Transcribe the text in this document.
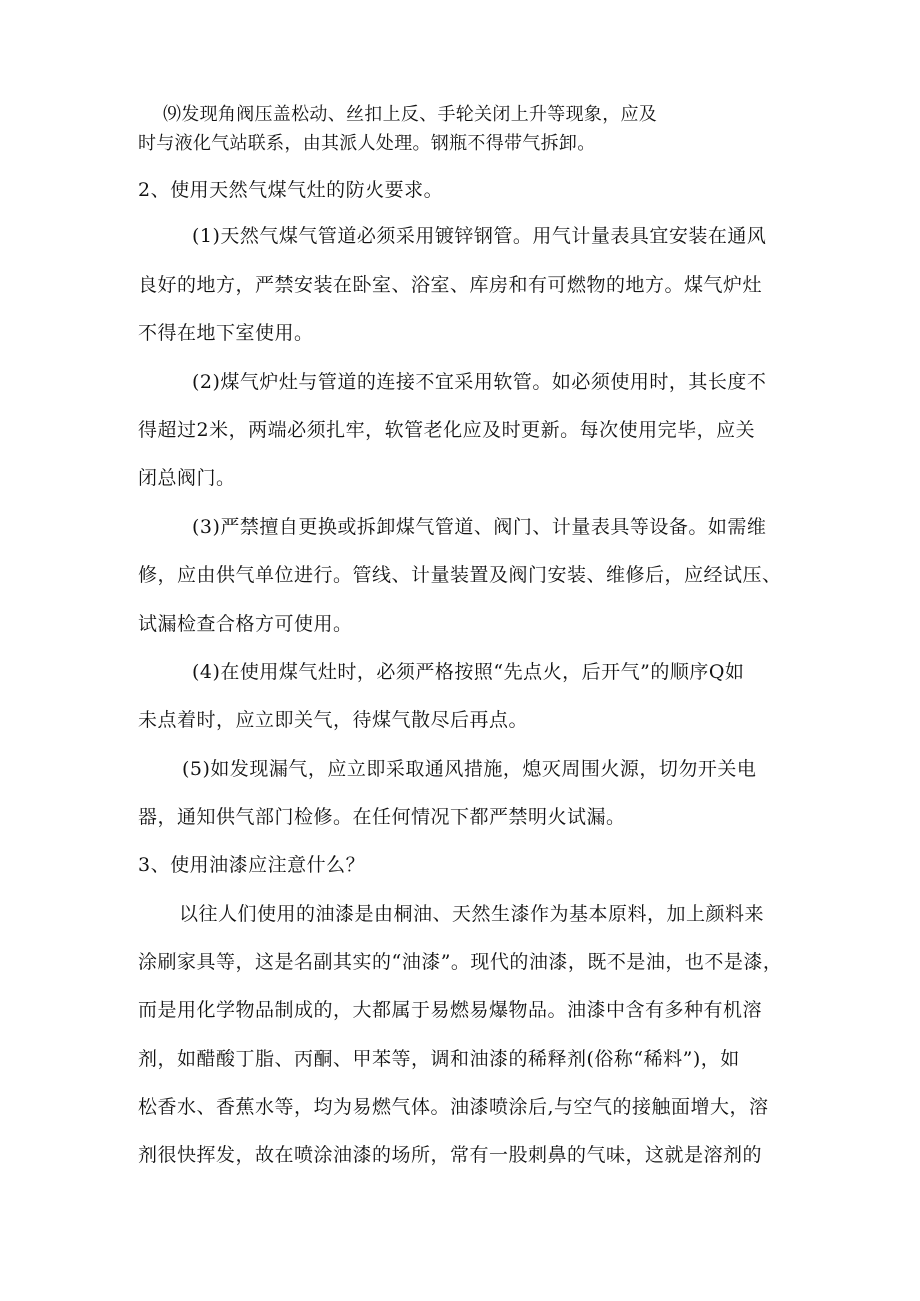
⑼发现角阀压盖松动、丝扣上反、手轮关闭上升等现象，应及
时与液化气站联系，由其派人处理。钢瓶不得带气拆卸。
2、使用天然气煤气灶的防火要求。
(1)天然气煤气管道必须采用镀锌钢管。用气计量表具宜安装在通风
良好的地方，严禁安装在卧室、浴室、库房和有可燃物的地方。煤气炉灶
不得在地下室使用。
(2)煤气炉灶与管道的连接不宜采用软管。如必须使用时，其长度不
得超过2米，两端必须扎牢，软管老化应及时更新。每次使用完毕，应关
闭总阀门。
(3)严禁擅自更换或拆卸煤气管道、阀门、计量表具等设备。如需维
修，应由供气单位进行。管线、计量装置及阀门安装、维修后，应经试压、
试漏检查合格方可使用。
(4)在使用煤气灶时，必须严格按照“先点火，后开气”的顺序Q如
未点着时，应立即关气，待煤气散尽后再点。
(5)如发现漏气，应立即采取通风措施，熄灭周围火源，切勿开关电
器，通知供气部门检修。在任何情况下都严禁明火试漏。
3、使用油漆应注意什么？
以往人们使用的油漆是由桐油、天然生漆作为基本原料，加上颜料来
涂刷家具等，这是名副其实的“油漆”。现代的油漆，既不是油，也不是漆，
而是用化学物品制成的，大都属于易燃易爆物品。油漆中含有多种有机溶
剂，如醋酸丁脂、丙酮、甲苯等，调和油漆的稀释剂(俗称“稀料”)，如
松香水、香蕉水等，均为易燃气体。油漆喷涂后,与空气的接触面增大，溶
剂很快挥发，故在喷涂油漆的场所，常有一股刺鼻的气味，这就是溶剂的
